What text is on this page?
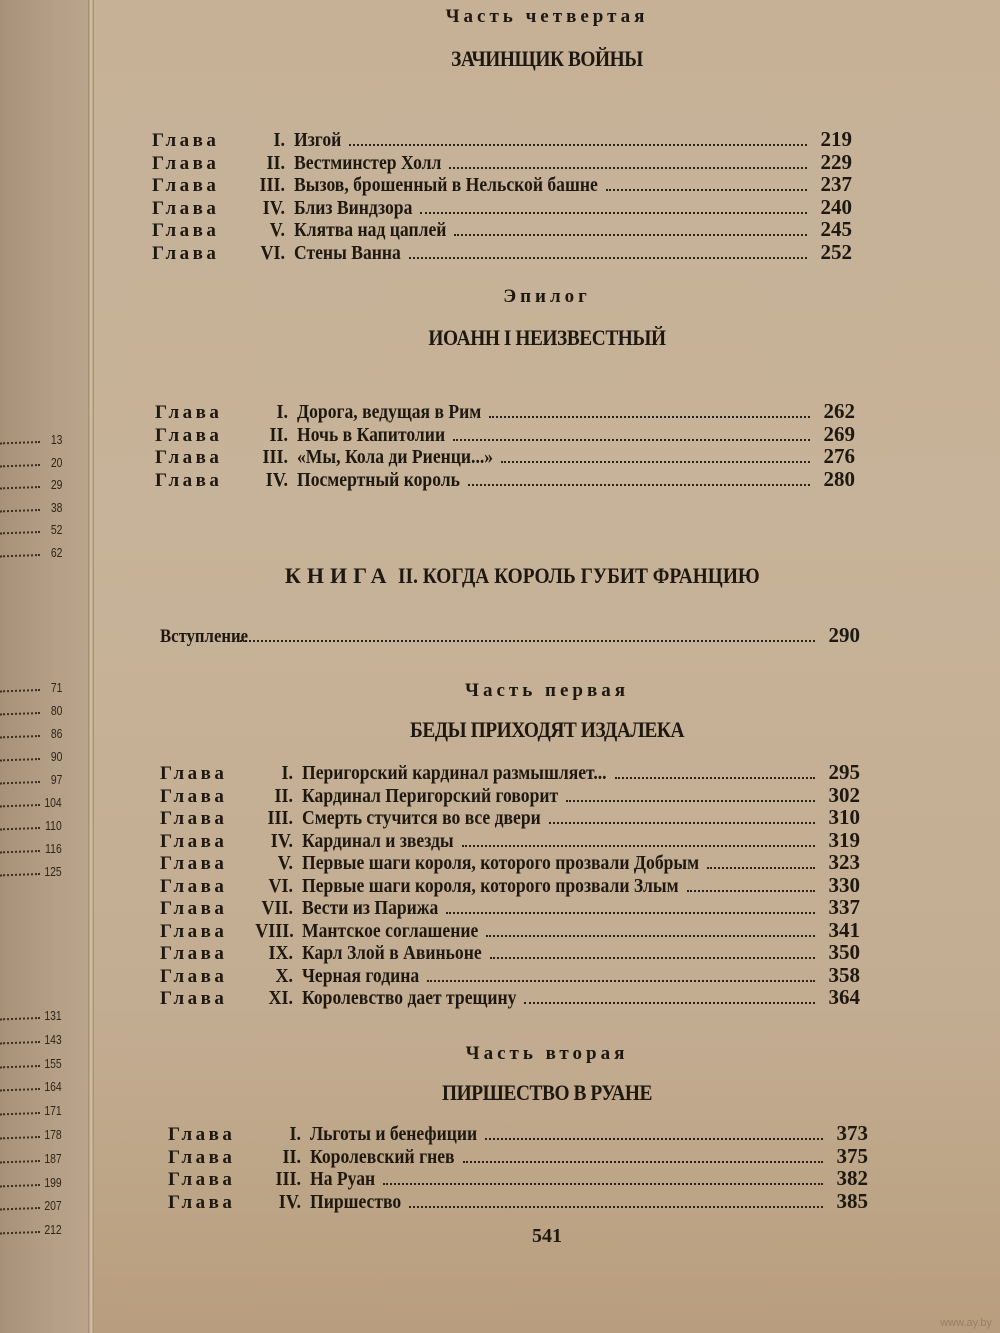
13
20
29
38
52
62
71
80
86
90
97
104
110
116
125
131
143
155
164
171
178
187
199
207
212
Часть четвертая
ЗАЧИНЩИК ВОЙНЫ
Глава	I. Изгой	219
Глава	II. Вестминстер Холл	229
Глава	III. Вызов, брошенный в Нельской башне	237
Глава	IV. Близ Виндзора	240
Глава	V. Клятва над цаплей	245
Глава	VI. Стены Ванна	252
Эпилог
ИОАНН I НЕИЗВЕСТНЫЙ
Глава	I. Дорога, ведущая в Рим	262
Глава	II. Ночь в Капитолии	269
Глава	III. «Мы, Кола ди Риенци...»	276
Глава	IV. Посмертный король	280
КНИГА II. КОГДА КОРОЛЬ ГУБИТ ФРАНЦИЮ
Вступление	290
Часть первая
БЕДЫ ПРИХОДЯТ ИЗДАЛЕКА
Глава	I. Перигорский кардинал размышляет...	295
Глава	II. Кардинал Перигорский говорит	302
Глава	III. Смерть стучится во все двери	310
Глава	IV. Кардинал и звезды	319
Глава	V. Первые шаги короля, которого прозвали Добрым	323
Глава	VI. Первые шаги короля, которого прозвали Злым	330
Глава	VII. Вести из Парижа	337
Глава	VIII. Мантское соглашение	341
Глава	IX. Карл Злой в Авиньоне	350
Глава	X. Черная година	358
Глава	XI. Королевство дает трещину	364
Часть вторая
ПИРШЕСТВО В РУАНЕ
Глава	I. Льготы и бенефиции	373
Глава	II. Королевский гнев	375
Глава	III. На Руан	382
Глава	IV. Пиршество	385
541
www.ay.by
